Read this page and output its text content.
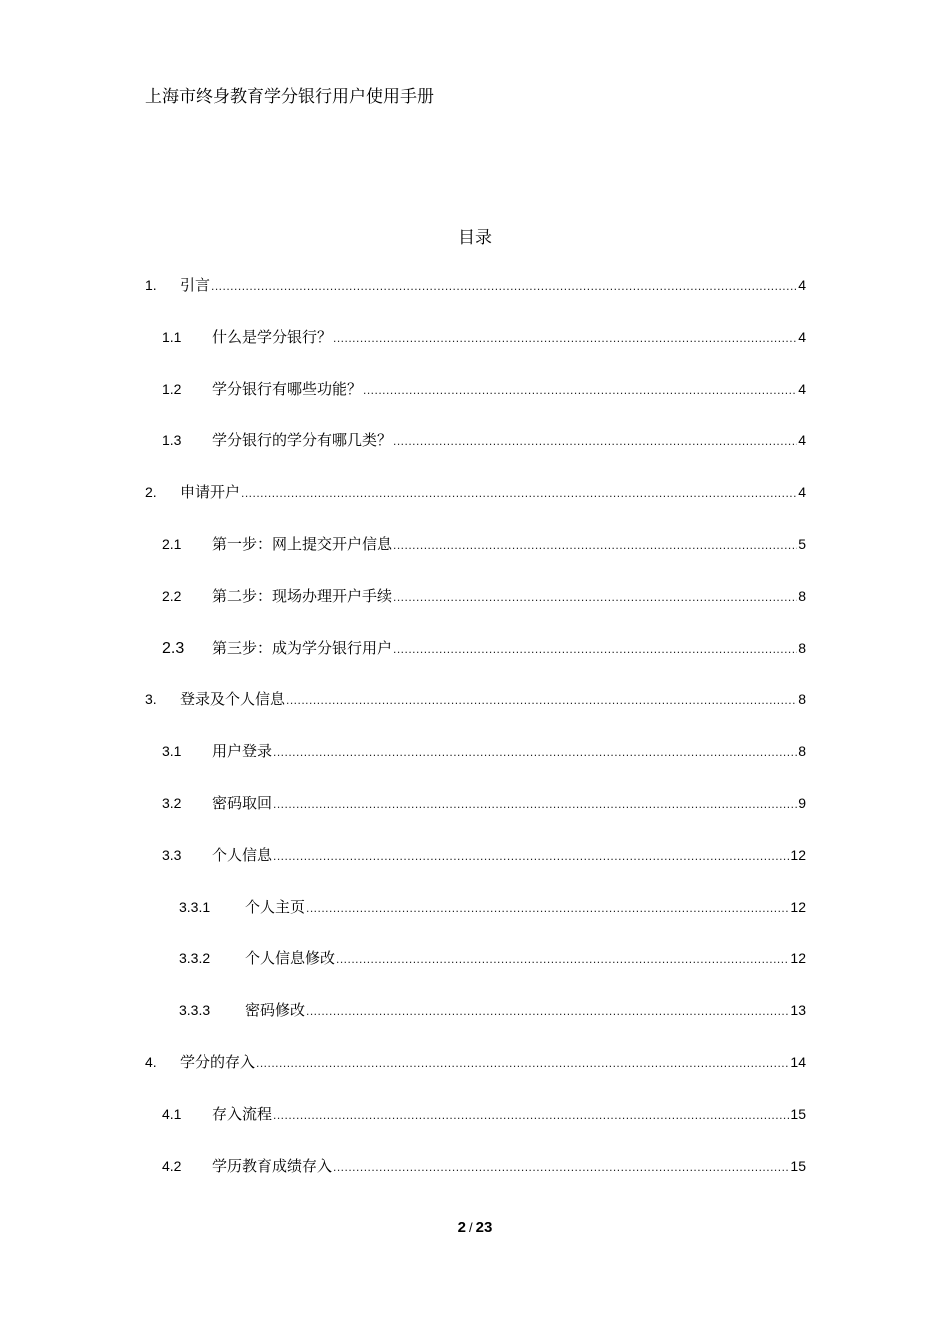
上海市终身教育学分银行用户使用手册
目录
1.	引言 .....	4
1.1	什么是学分银行？ .....	4
1.2	学分银行有哪些功能？ .....	4
1.3	学分银行的学分有哪几类？ .....	4
2.	申请开户 .....	4
2.1	第一步：网上提交开户信息 .....	5
2.2	第二步：现场办理开户手续 .....	8
2.3	第三步：成为学分银行用户 .....	8
3.	登录及个人信息 .....	8
3.1	用户登录 .....	8
3.2	密码取回 .....	9
3.3	个人信息 .....	12
3.3.1	个人主页 .....	12
3.3.2	个人信息修改 .....	12
3.3.3	密码修改 .....	13
4.	学分的存入 .....	14
4.1	存入流程 .....	15
4.2	学历教育成绩存入 .....	15
2 / 23
